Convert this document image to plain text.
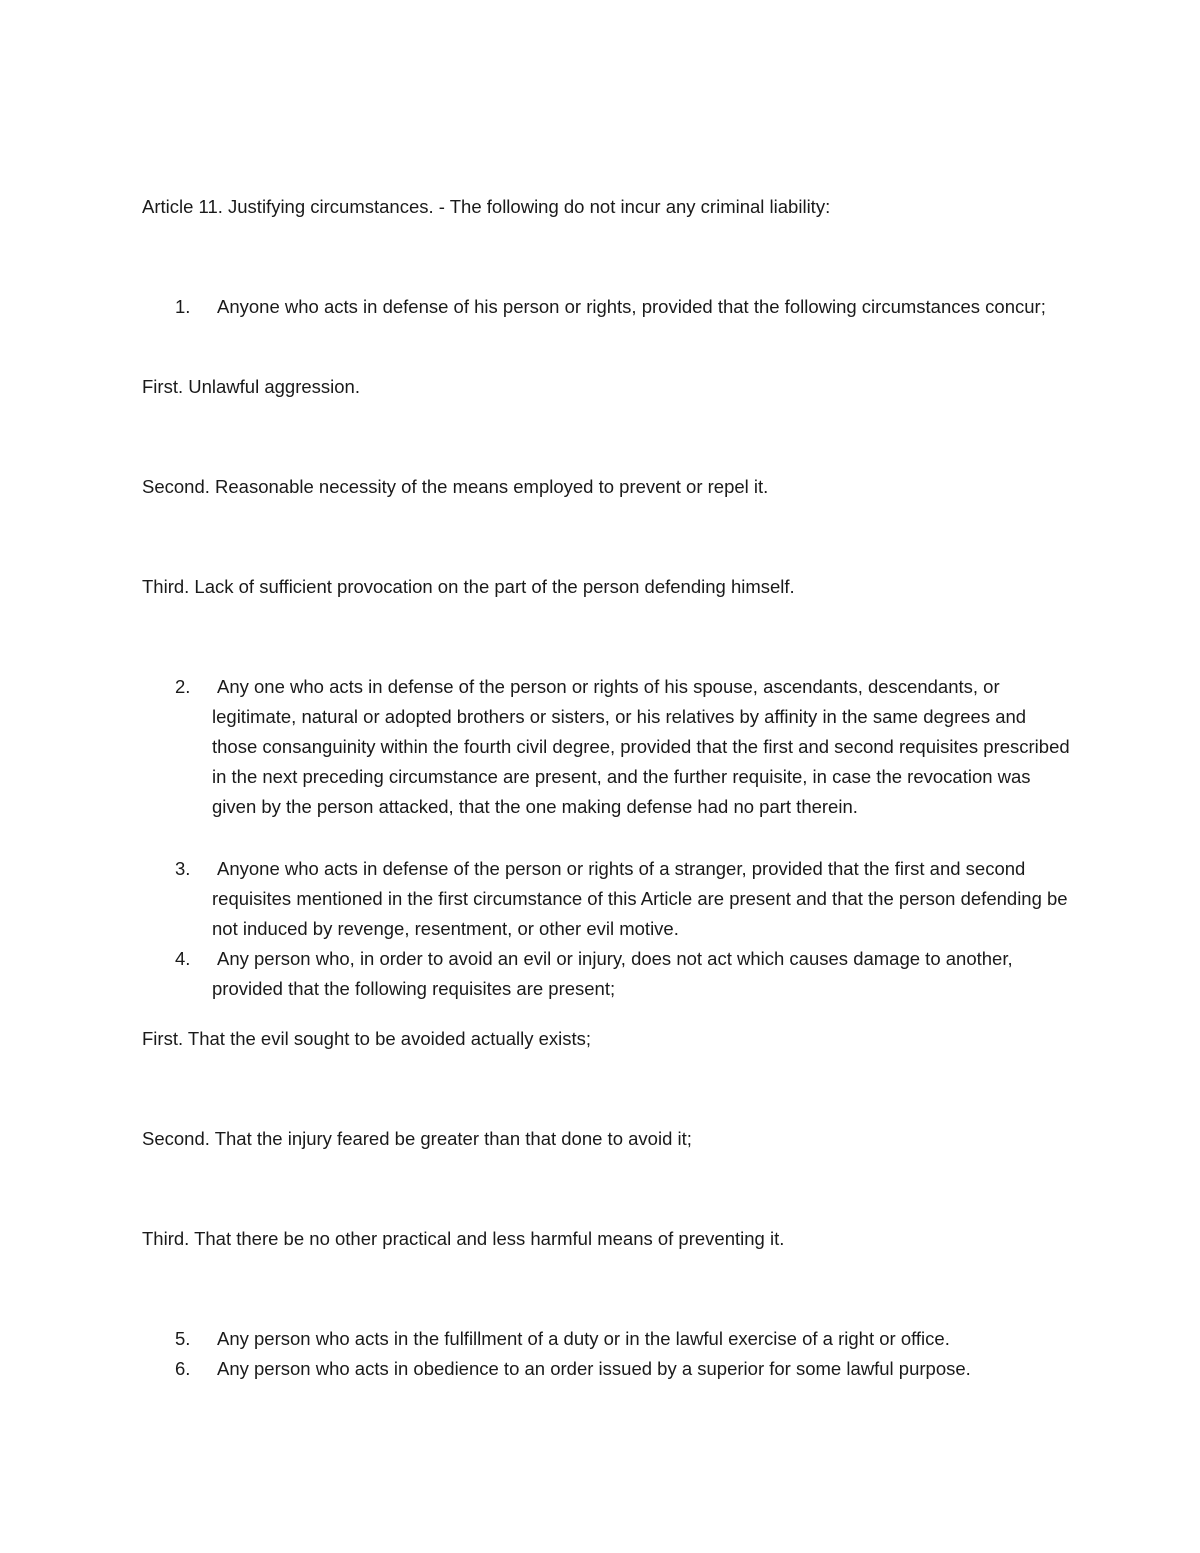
Article 11. Justifying circumstances. - The following do not incur any criminal liability:

1. Anyone who acts in defense of his person or rights, provided that the following circumstances concur;

First. Unlawful aggression.

Second. Reasonable necessity of the means employed to prevent or repel it.

Third. Lack of sufficient provocation on the part of the person defending himself.

2. Any one who acts in defense of the person or rights of his spouse, ascendants, descendants, or legitimate, natural or adopted brothers or sisters, or his relatives by affinity in the same degrees and those consanguinity within the fourth civil degree, provided that the first and second requisites prescribed in the next preceding circumstance are present, and the further requisite, in case the revocation was given by the person attacked, that the one making defense had no part therein.

3. Anyone who acts in defense of the person or rights of a stranger, provided that the first and second requisites mentioned in the first circumstance of this Article are present and that the person defending be not induced by revenge, resentment, or other evil motive.

4. Any person who, in order to avoid an evil or injury, does not act which causes damage to another, provided that the following requisites are present;

First. That the evil sought to be avoided actually exists;

Second. That the injury feared be greater than that done to avoid it;

Third. That there be no other practical and less harmful means of preventing it.

5. Any person who acts in the fulfillment of a duty or in the lawful exercise of a right or office.

6. Any person who acts in obedience to an order issued by a superior for some lawful purpose.
